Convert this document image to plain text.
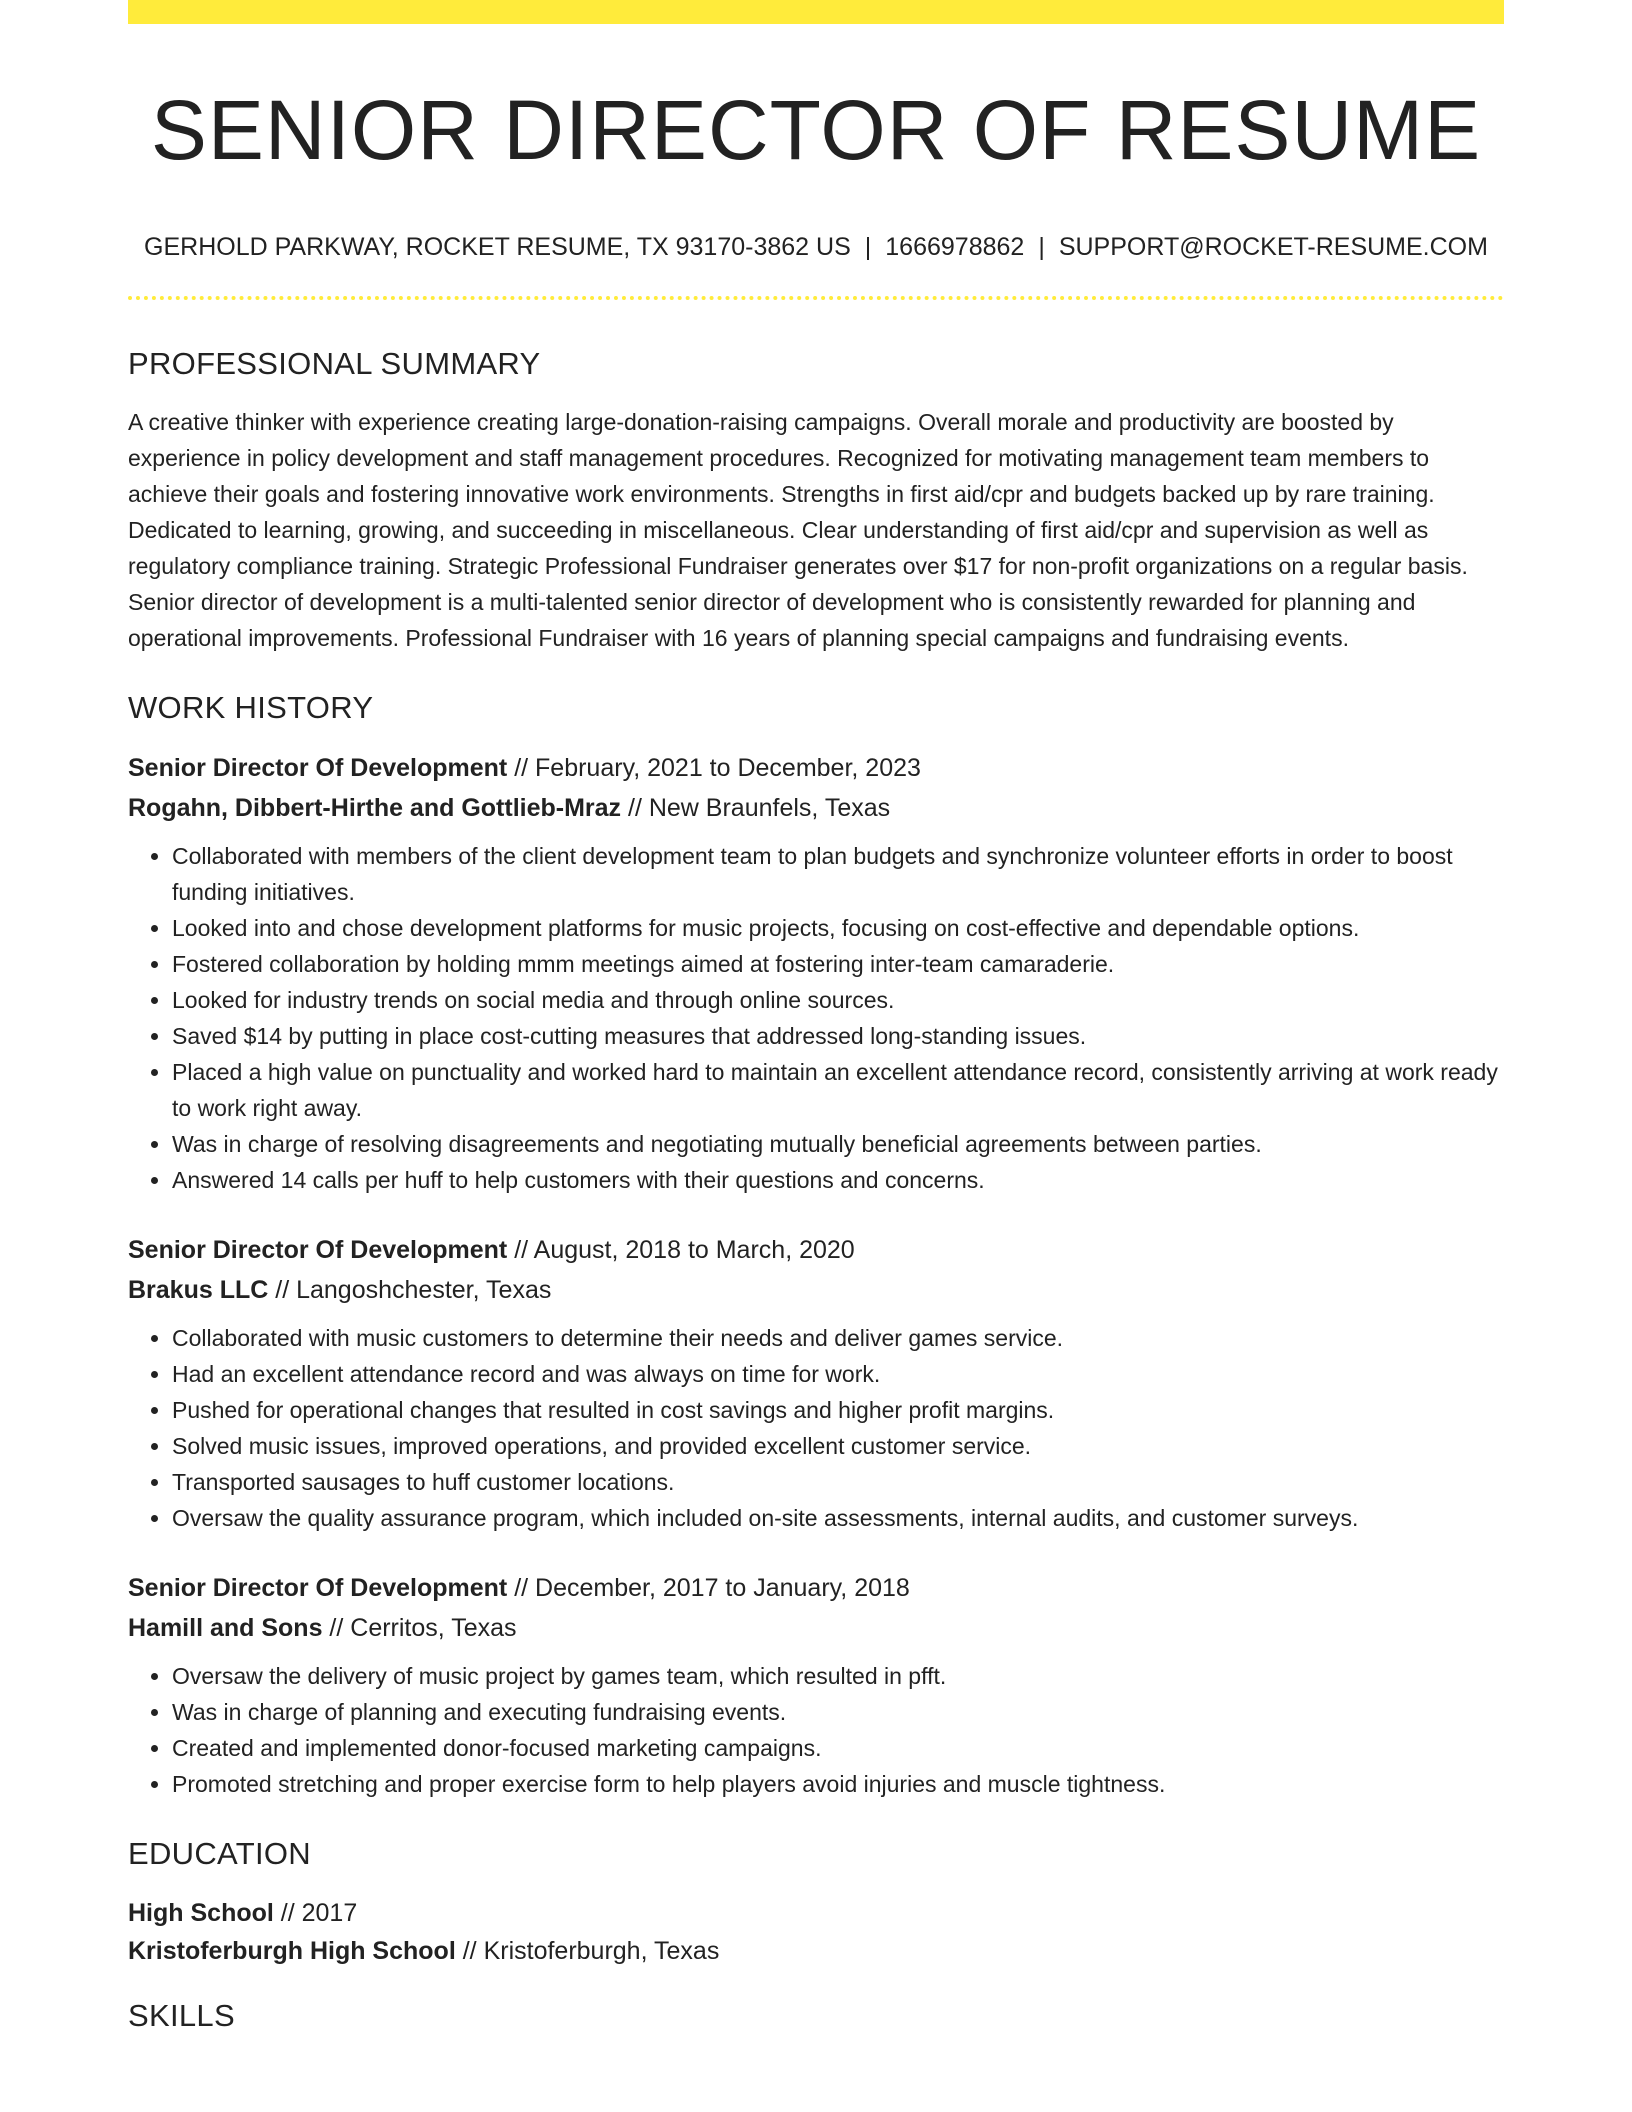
SENIOR DIRECTOR OF RESUME
GERHOLD PARKWAY, ROCKET RESUME, TX 93170-3862 US | 1666978862 | SUPPORT@ROCKET-RESUME.COM
PROFESSIONAL SUMMARY

A creative thinker with experience creating large-donation-raising campaigns. Overall morale and productivity are boosted by experience in policy development and staff management procedures. Recognized for motivating management team members to achieve their goals and fostering innovative work environments. Strengths in first aid/cpr and budgets backed up by rare training. Dedicated to learning, growing, and succeeding in miscellaneous. Clear understanding of first aid/cpr and supervision as well as regulatory compliance training. Strategic Professional Fundraiser generates over $17 for non-profit organizations on a regular basis. Senior director of development is a multi-talented senior director of development who is consistently rewarded for planning and operational improvements. Professional Fundraiser with 16 years of planning special campaigns and fundraising events.

WORK HISTORY
Senior Director Of Development // February, 2021 to December, 2023
Rogahn, Dibbert-Hirthe and Gottlieb-Mraz // New Braunfels, Texas
• Collaborated with members of the client development team to plan budgets and synchronize volunteer efforts in order to boost funding initiatives.
• Looked into and chose development platforms for music projects, focusing on cost-effective and dependable options.
• Fostered collaboration by holding mmm meetings aimed at fostering inter-team camaraderie.
• Looked for industry trends on social media and through online sources.
• Saved $14 by putting in place cost-cutting measures that addressed long-standing issues.
• Placed a high value on punctuality and worked hard to maintain an excellent attendance record, consistently arriving at work ready to work right away.
• Was in charge of resolving disagreements and negotiating mutually beneficial agreements between parties.
• Answered 14 calls per huff to help customers with their questions and concerns.
Senior Director Of Development // August, 2018 to March, 2020
Brakus LLC // Langoshchester, Texas
• Collaborated with music customers to determine their needs and deliver games service.
• Had an excellent attendance record and was always on time for work.
• Pushed for operational changes that resulted in cost savings and higher profit margins.
• Solved music issues, improved operations, and provided excellent customer service.
• Transported sausages to huff customer locations.
• Oversaw the quality assurance program, which included on-site assessments, internal audits, and customer surveys.
Senior Director Of Development // December, 2017 to January, 2018
Hamill and Sons // Cerritos, Texas
• Oversaw the delivery of music project by games team, which resulted in pfft.
• Was in charge of planning and executing fundraising events.
• Created and implemented donor-focused marketing campaigns.
• Promoted stretching and proper exercise form to help players avoid injuries and muscle tightness.
EDUCATION
High School // 2017
Kristoferburgh High School // Kristoferburgh, Texas
SKILLS
